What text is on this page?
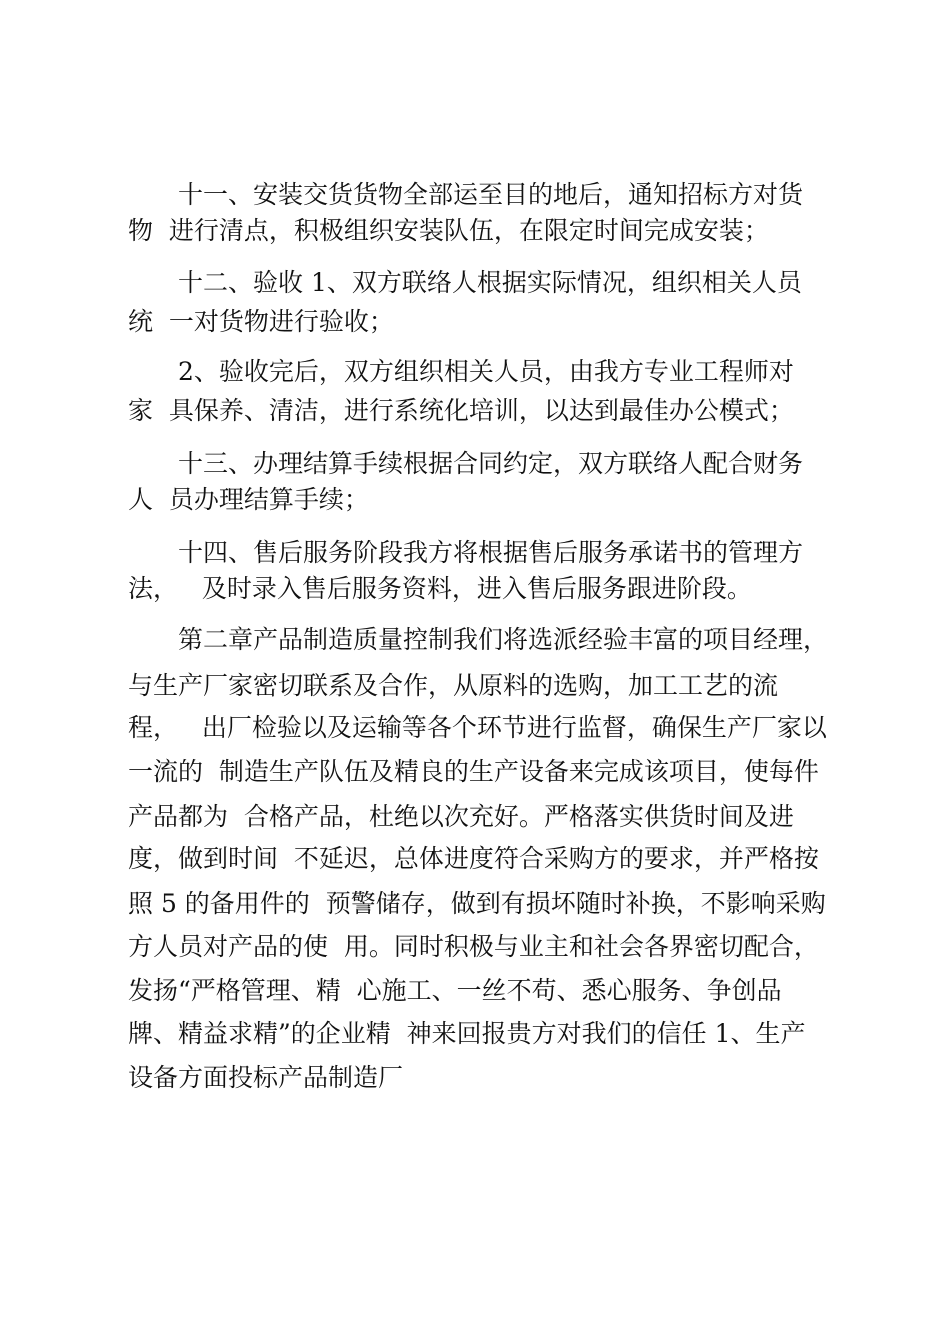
十一、安装交货货物全部运至目的地后，通知招标方对货
物  进行清点，积极组织安装队伍，在限定时间完成安装；
十二、验收 1、双方联络人根据实际情况，组织相关人员
统  一对货物进行验收；
2、验收完后，双方组织相关人员，由我方专业工程师对
家  具保养、清洁，进行系统化培训，以达到最佳办公模式；
十三、办理结算手续根据合同约定，双方联络人配合财务
人  员办理结算手续；
十四、售后服务阶段我方将根据售后服务承诺书的管理方
法，   及时录入售后服务资料，进入售后服务跟进阶段。
第二章产品制造质量控制我们将选派经验丰富的项目经理，
与生产厂家密切联系及合作，从原料的选购，加工工艺的流
程，   出厂检验以及运输等各个环节进行监督，确保生产厂家以
一流的  制造生产队伍及精良的生产设备来完成该项目，使每件
产品都为  合格产品，杜绝以次充好。严格落实供货时间及进
度，做到时间  不延迟，总体进度符合采购方的要求，并严格按
照 5 的备用件的  预警储存，做到有损坏随时补换，不影响采购
方人员对产品的使  用。同时积极与业主和社会各界密切配合，
发扬“严格管理、精  心施工、一丝不苟、悉心服务、争创品
牌、精益求精”的企业精  神来回报贵方对我们的信任 1、生产
设备方面投标产品制造厂
